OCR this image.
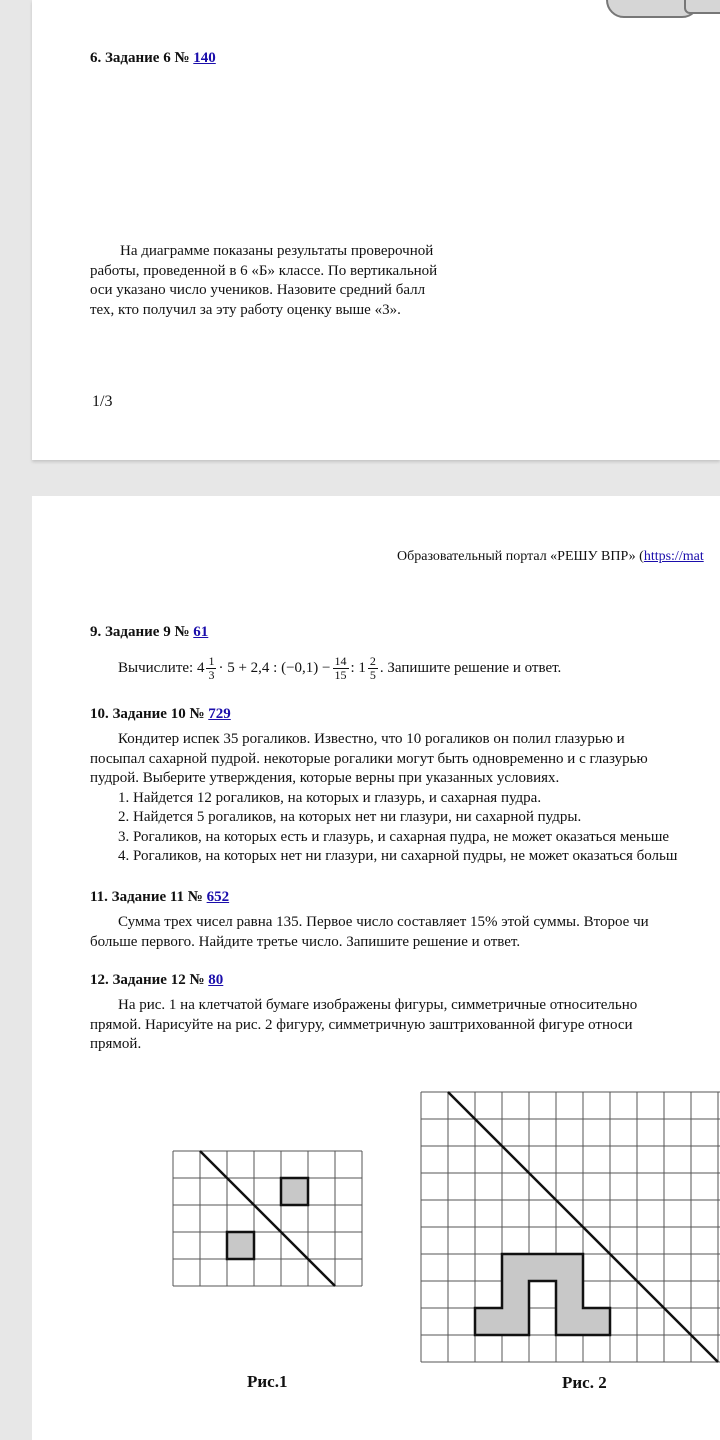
6. Задание 6 № 140
На диаграмме показаны результаты проверочной
работы, проведенной в 6 «Б» классе. По вертикальной
оси указано число учеников. Назовите средний балл
тех, кто получил за эту работу оценку выше «3».
1/3
Образовательный портал «РЕШУ ВПР» (https://mat
9. Задание 9 № 61
Вычислите: $4 \frac{1}{3} \cdot 5 + 2,4$ : $(-0,1) - \frac{14}{15}$ : $1 \frac{2}{5}$ . Запишите решение и ответ.
10. Задание 10 № 729
Кондитер испек 35 рогаликов. Известно, что 10 рогаликов он полил глазурью и
посыпал сахарной пудрой. некоторые рогалики могут быть одновременно и с глазурью
пудрой. Выберите утверждения, которые верны при указанных условиях.
1. Найдется 12 рогаликов, на которых и глазурь, и сахарная пудра.
2. Найдется 5 рогаликов, на которых нет ни глазури, ни сахарной пудры.
3. Рогаликов, на которых есть и глазурь, и сахарная пудра, не может оказаться меньше
4. Рогаликов, на которых нет ни глазури, ни сахарной пудры, не может оказаться больш
11. Задание 11 № 652
Сумма трех чисел равна 135. Первое число составляет 15% этой суммы. Второе чи
больше первого. Найдите третье число. Запишите решение и ответ.
12. Задание 12 № 80
На рис. 1 на клетчатой бумаге изображены фигуры, симметричные относительно
прямой. Нарисуйте на рис. 2 фигуру, симметричную заштрихованной фигуре относи
прямой.
Рис.1	Рис. 2
